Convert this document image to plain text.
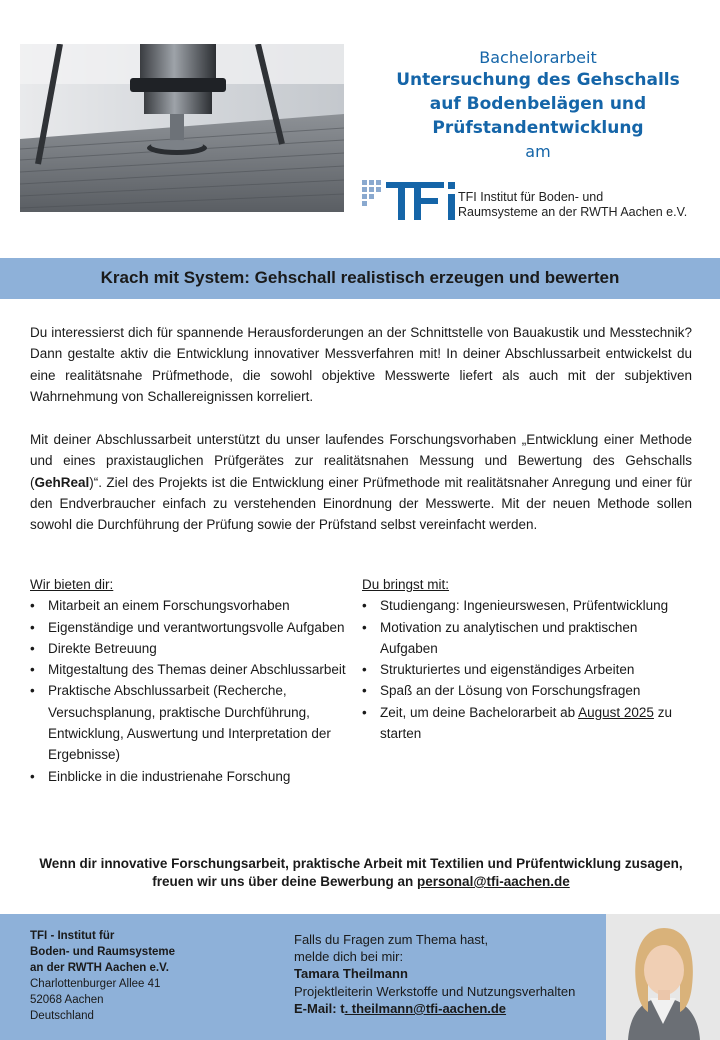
Bachelorarbeit
Untersuchung des Gehschalls
auf Bodenbelägen und
Prüfstandentwicklung
am
TFI Institut für Boden- und
Raumsysteme an der RWTH Aachen e.V.
Krach mit System: Gehschall realistisch erzeugen und bewerten

Du interessierst dich für spannende Herausforderungen an der Schnittstelle von Bauakustik und Messtechnik? Dann gestalte aktiv die Entwicklung innovativer Messverfahren mit! In deiner Abschlussarbeit entwickelst du eine realitätsnahe Prüfmethode, die sowohl objektive Messwerte liefert als auch mit der subjektiven Wahrnehmung von Schallereignissen korreliert.

Mit deiner Abschlussarbeit unterstützt du unser laufendes Forschungsvorhaben „Entwicklung einer Methode und eines praxistauglichen Prüfgerätes zur realitätsnahen Messung und Bewertung des Gehschalls (GehReal)“. Ziel des Projekts ist die Entwicklung einer Prüfmethode mit realitätsnaher Anregung und einer für den Endverbraucher einfach zu verstehenden Einordnung der Messwerte. Mit der neuen Methode sollen sowohl die Durchführung der Prüfung sowie der Prüfstand selbst vereinfacht werden.

Wir bieten dir:
• Mitarbeit an einem Forschungsvorhaben
• Eigenständige und verantwortungsvolle Aufgaben
• Direkte Betreuung
• Mitgestaltung des Themas deiner Abschlussarbeit
• Praktische Abschlussarbeit (Recherche, Versuchsplanung, praktische Durchführung, Entwicklung, Auswertung und Interpretation der Ergebnisse)
• Einblicke in die industrienahe Forschung
Du bringst mit:
• Studiengang: Ingenieurswesen, Prüfentwicklung
• Motivation zu analytischen und praktischen Aufgaben
• Strukturiertes und eigenständiges Arbeiten
• Spaß an der Lösung von Forschungsfragen
• Zeit, um deine Bachelorarbeit ab August 2025 zu starten
Wenn dir innovative Forschungsarbeit, praktische Arbeit mit Textilien und Prüfentwicklung zusagen, freuen wir uns über deine Bewerbung an personal@tfi-aachen.de
TFI - Institut für
Boden- und Raumsysteme
an der RWTH Aachen e.V.
Charlottenburger Allee 41
52068 Aachen
Deutschland
Falls du Fragen zum Thema hast,
melde dich bei mir:
Tamara Theilmann
Projektleiterin Werkstoffe und Nutzungsverhalten
E-Mail: t. theilmann@tfi-aachen.de
